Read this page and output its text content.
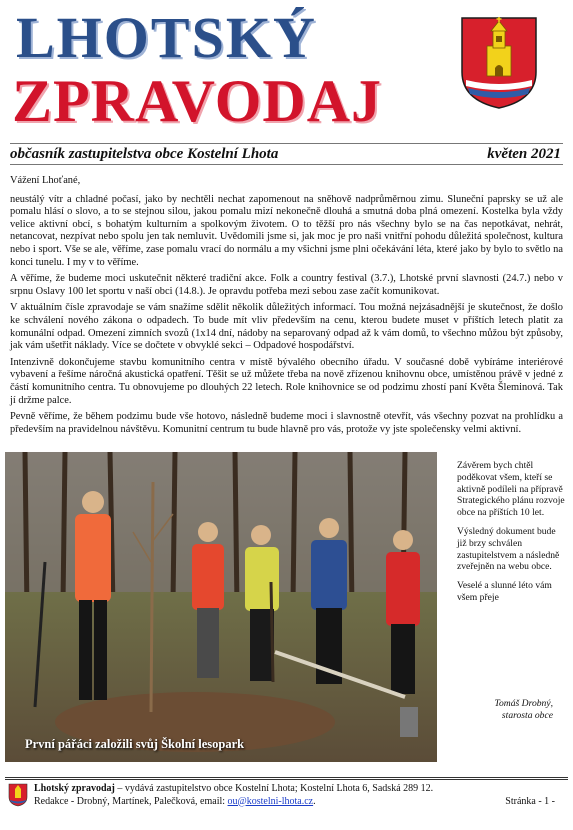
LHOTSKÝ
ZPRAVODAJ
občasník zastupitelstva obce Kostelní Lhota	květen 2021

Vážení Lhoťané,

neustálý vítr a chladné počasí, jako by nechtěli nechat zapomenout na sněhově nadprůměrnou zimu. Sluneční paprsky se už ale pomalu hlásí o slovo, a to se stejnou silou, jakou pomalu mizí nekonečně dlouhá a smutná doba plná omezení. Kostelka byla vždy velice aktivní obcí, s bohatým kulturním a spolkovým životem. O to těžší pro nás všechny bylo se na čas nepotkávat, nehrát, netancovat, nezpívat nebo spolu jen tak nemluvit. Uvědomili jsme si, jak moc je pro naši vnitřní pohodu důležitá společnost, kultura nebo i sport. Vše se ale, věříme, zase pomalu vrací do normálu a my všichni jsme plni očekávání léta, které jako by bylo to světlo na konci tunelu. I my v to věříme.

A věříme, že budeme moci uskutečnit některé tradiční akce. Folk a country festival (3.7.), Lhotské první slavnosti (24.7.) nebo v srpnu Oslavy 100 let sportu v naší obci (14.8.). Je opravdu potřeba mezi sebou zase začít komunikovat.

V aktuálním čísle zpravodaje se vám snažíme sdělit několik důležitých informací. Tou možná nejzásadnější je skutečnost, že došlo ke schválení nového zákona o odpadech. To bude mít vliv především na cenu, kterou budete muset v příštích letech platit za komunální odpad. Omezení zimních svozů (1x14 dní, nádoby na separovaný odpad až k vám domů, to všechno můžou být způsoby, jak vám ušetřit náklady. Více se dočtete v obvyklé sekci – Odpadové hospodářství.

Intenzivně dokončujeme stavbu komunitního centra v místě bývalého obecního úřadu. V současné době vybíráme interiérové vybavení a řešíme náročná akustická opatření. Těšit se už můžete třeba na nově zřízenou knihovnu obce, umístěnou právě v jedné z částí komunitního centra. Tu obnovujeme po dlouhých 22 letech. Role knihovnice se od podzimu zhostí paní Květa Šleminová. Tak jí držme palce.

Pevně věříme, že během podzimu bude vše hotovo, následně budeme moci i slavnostně otevřít, vás všechny pozvat na prohlídku a především na pravidelnou návštěvu. Komunitní centrum tu bude hlavně pro vás, protože vy jste společensky velmi aktivní.

První pářáci založili svůj Školní lesopark

Závěrem bych chtěl poděkovat všem, kteří se aktivně podíleli na přípravě Strategického plánu rozvoje obce na příštích 10 let.

Výsledný dokument bude již brzy schválen zastupitelstvem a následně zveřejněn na webu obce.

Veselé a slunné léto vám všem přeje

Tomáš Drobný,
starosta obce
Lhotský zpravodaj – vydává zastupitelstvo obce Kostelní Lhota; Kostelní Lhota 6, Sadská 289 12.
Redakce - Drobný, Martínek, Palečková, email: ou@kostelni-lhota.cz.	Stránka - 1 -
